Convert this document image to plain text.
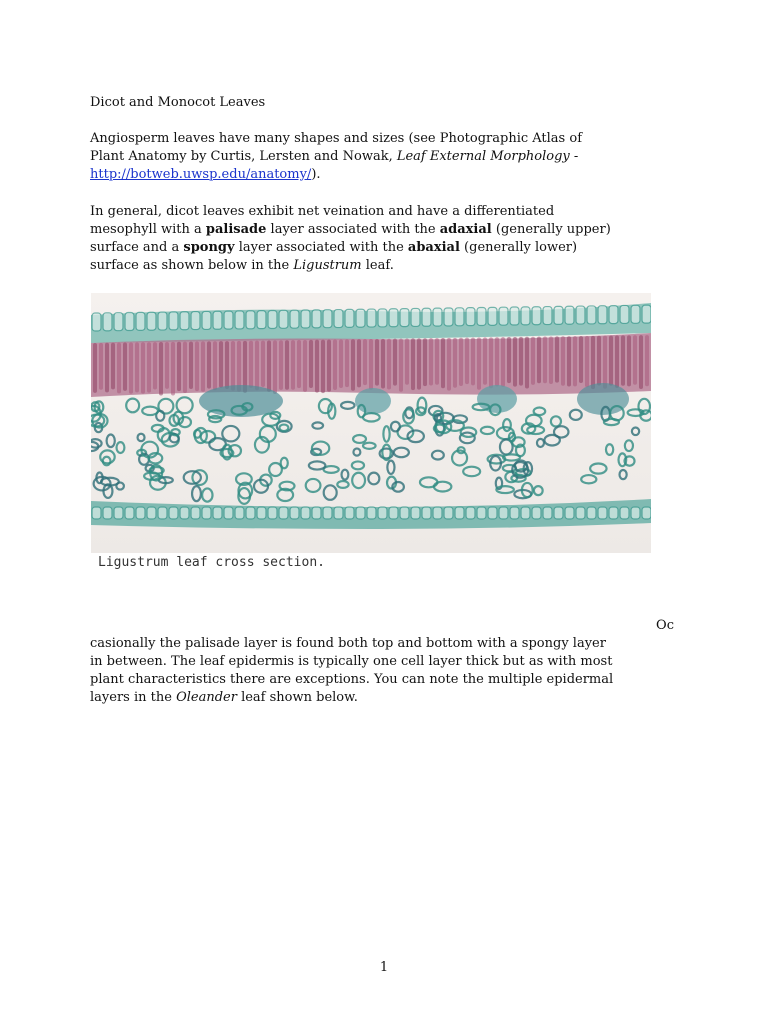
Dicot and Monocot Leaves
Angiosperm leaves have many shapes and sizes (see Photographic Atlas of
Plant Anatomy by Curtis, Lersten and Nowak, Leaf External Morphology -
http://botweb.uwsp.edu/anatomy/).
In general, dicot leaves exhibit net veination and have a differentiated
mesophyll with a palisade layer associated with the adaxial (generally upper)
surface and a spongy layer associated with the abaxial (generally lower)
surface as shown below in the Ligustrum leaf.
Oc
casionally the palisade layer is found both top and bottom with a spongy layer
in between. The leaf epidermis is typically one cell layer thick but as with most
plant characteristics there are exceptions. You can note the multiple epidermal
layers in the Oleander leaf shown below.
Ligustrum leaf cross section.
1
